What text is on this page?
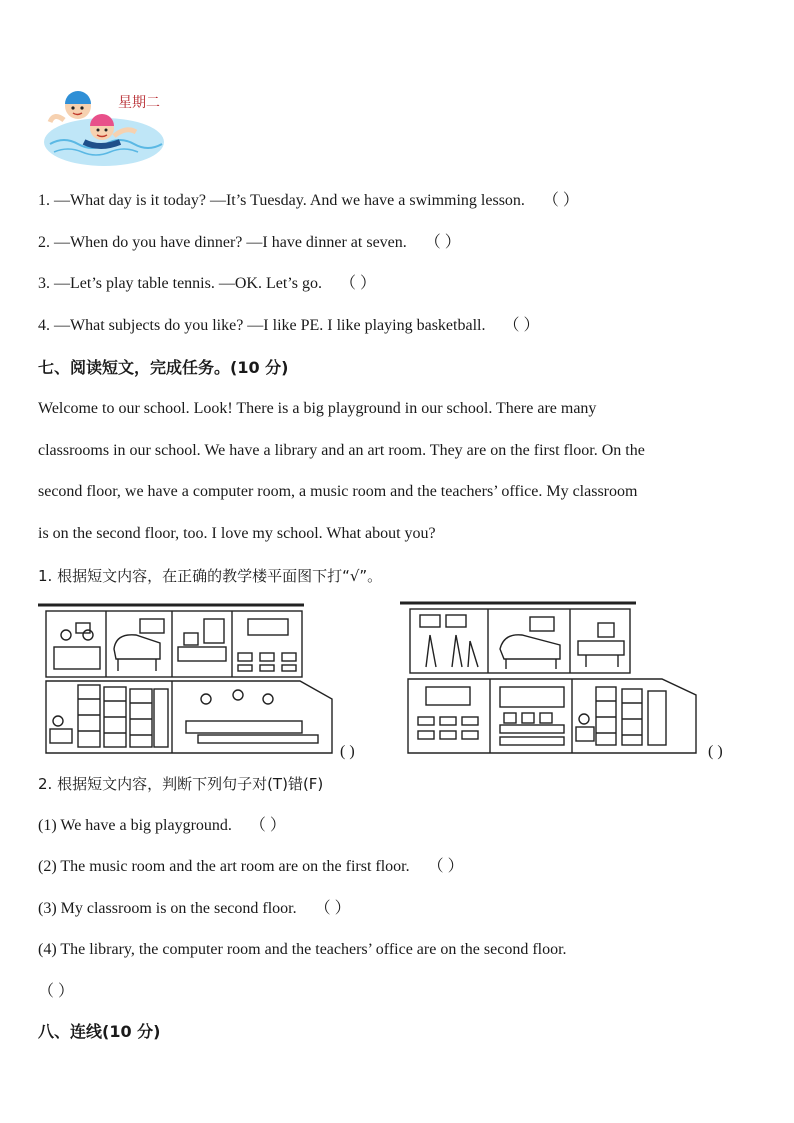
星期二
1. —What day is it today? —It’s Tuesday. And we have a swimming lesson. （ ）
2. —When do you have dinner? —I have dinner at seven. （ ）
3. —Let’s play table tennis. —OK. Let’s go. （ ）
4. —What subjects do you like? —I like PE. I like playing basketball. （ ）
七、阅读短文，完成任务。(10 分)
Welcome to our school. Look! There is a big playground in our school. There are many
classrooms in our school. We have a library and an art room. They are on the first floor. On the
second floor, we have a computer room, a music room and the teachers’ office. My classroom
is on the second floor, too. I love my school. What about you?
1. 根据短文内容，在正确的教学楼平面图下打“√”。
( )	( )
2. 根据短文内容，判断下列句子对(T)错(F)
(1) We have a big playground. （ ）
(2) The music room and the art room are on the first floor. （ ）
(3) My classroom is on the second floor. （ ）
(4) The library, the computer room and the teachers’ office are on the second floor.
（ ）
八、连线(10 分)
